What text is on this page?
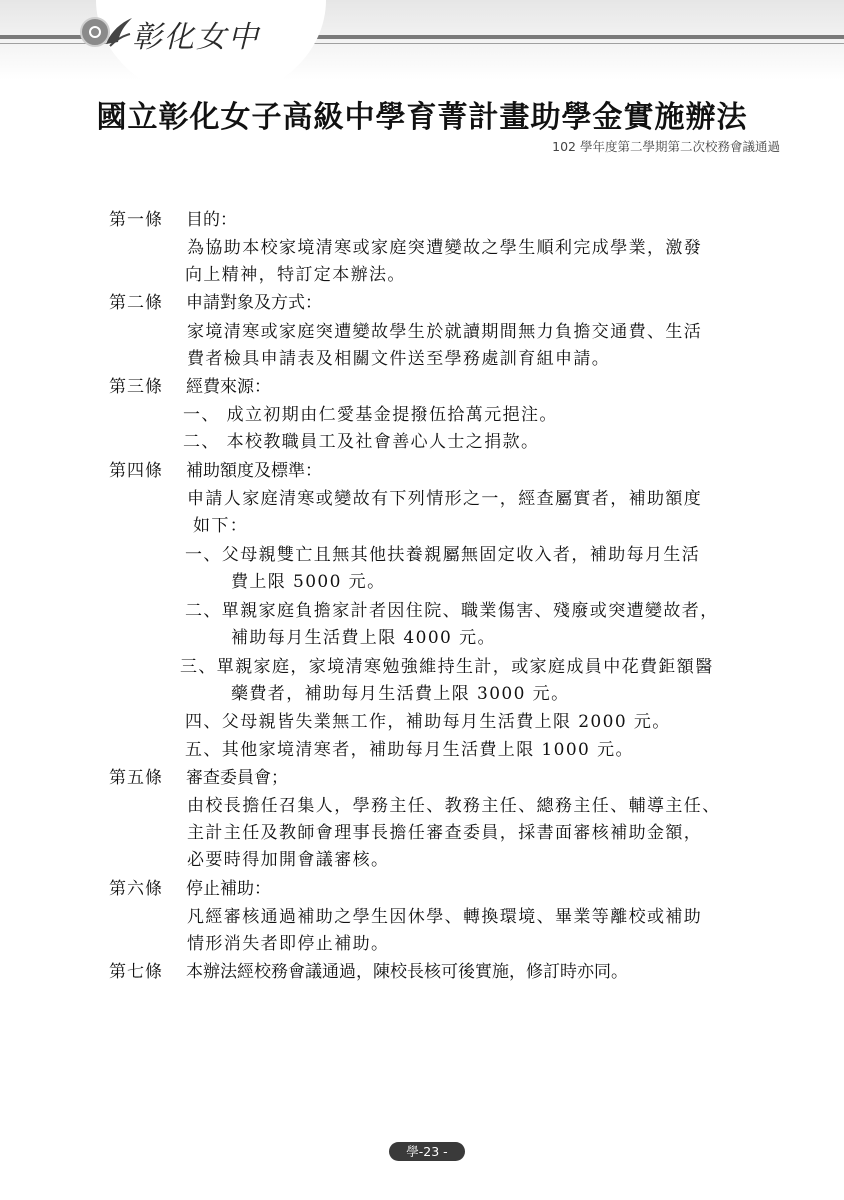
彰化女中
國立彰化女子高級中學育菁計畫助學金實施辦法
102 學年度第二學期第二次校務會議通過
第一條 目的：
為協助本校家境清寒或家庭突遭變故之學生順利完成學業，激發
向上精神，特訂定本辦法。
第二條 申請對象及方式：
家境清寒或家庭突遭變故學生於就讀期間無力負擔交通費、生活
費者檢具申請表及相關文件送至學務處訓育組申請。
第三條 經費來源：
一、 成立初期由仁愛基金提撥伍拾萬元挹注。
二、 本校教職員工及社會善心人士之捐款。
第四條 補助額度及標準：
申請人家庭清寒或變故有下列情形之一，經查屬實者，補助額度
如下：
一、父母親雙亡且無其他扶養親屬無固定收入者，補助每月生活
費上限 5000 元。
二、單親家庭負擔家計者因住院、職業傷害、殘廢或突遭變故者，
補助每月生活費上限 4000 元。
三、單親家庭，家境清寒勉強維持生計，或家庭成員中花費鉅額醫
藥費者，補助每月生活費上限 3000 元。
四、父母親皆失業無工作，補助每月生活費上限 2000 元。
五、其他家境清寒者，補助每月生活費上限 1000 元。
第五條 審查委員會；
由校長擔任召集人，學務主任、教務主任、總務主任、輔導主任、
主計主任及教師會理事長擔任審查委員，採書面審核補助金額，
必要時得加開會議審核。
第六條 停止補助：
凡經審核通過補助之學生因休學、轉換環境、畢業等離校或補助
情形消失者即停止補助。
第七條 本辦法經校務會議通過，陳校長核可後實施，修訂時亦同。
學-23 -
